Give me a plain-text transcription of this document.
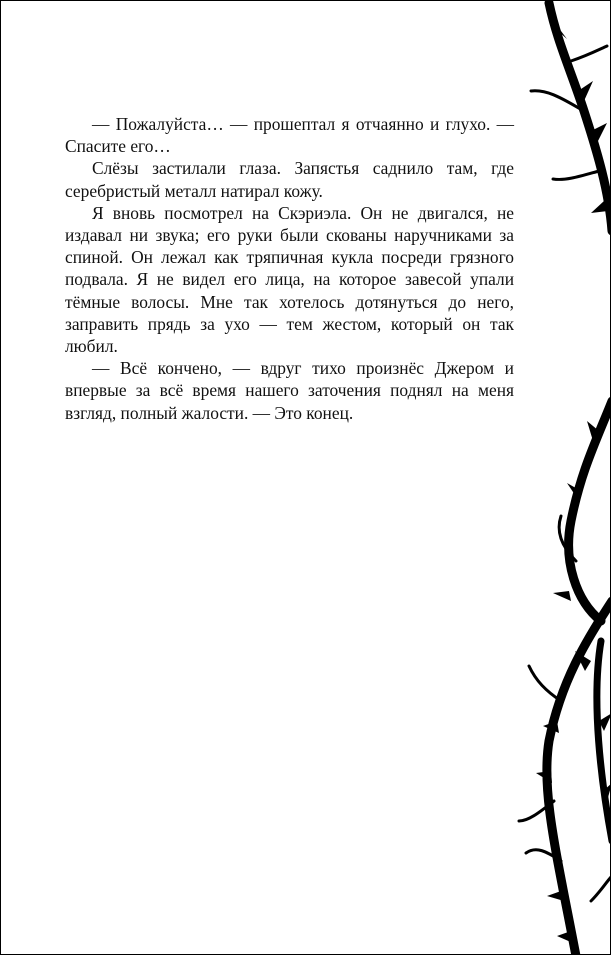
— Пожалуйста… — прошептал я отчаянно и глухо. — Спасите его…

Слёзы застилали глаза. Запястья саднило там, где серебристый металл натирал кожу.

Я вновь посмотрел на Скэриэла. Он не двигался, не издавал ни звука; его руки были скованы наручниками за спиной. Он лежал как тряпичная кукла посреди грязного подвала. Я не видел его лица, на которое завесой упали тёмные волосы. Мне так хотелось дотянуться до него, заправить прядь за ухо — тем жестом, который он так любил.

— Всё кончено, — вдруг тихо произнёс Джером и впервые за всё время нашего заточения поднял на меня взгляд, полный жалости. — Это конец.
